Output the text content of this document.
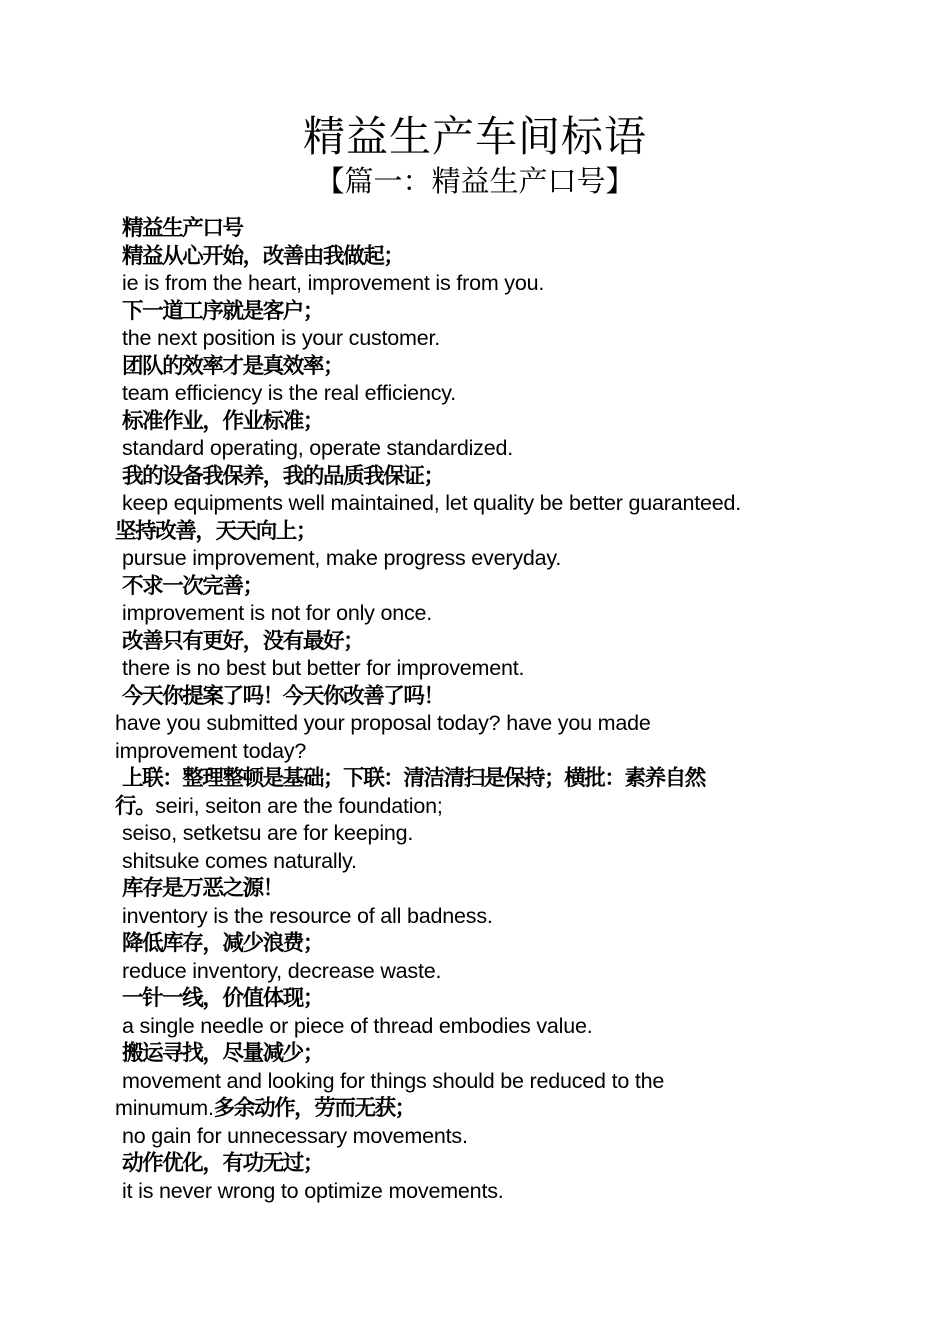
精益生产车间标语
【篇一：精益生产口号】
精益生产口号
精益从心开始，改善由我做起；
ie is from the heart, improvement is from you.
下一道工序就是客户；
the next position is your customer.
团队的效率才是真效率；
team efficiency is the real efficiency.
标准作业，作业标准；
standard operating, operate standardized.
我的设备我保养，我的品质我保证；
keep equipments well maintained, let quality be better guaranteed.
坚持改善，天天向上；
pursue improvement, make progress everyday.
不求一次完善；
improvement is not for only once.
改善只有更好，没有最好；
there is no best but better for improvement.
今天你提案了吗！今天你改善了吗！
have you submitted your proposal today? have you made
improvement today?
上联：整理整顿是基础；下联：清洁清扫是保持；横批：素养自然
行。seiri, seiton are the foundation;
seiso, setketsu are for keeping.
shitsuke comes naturally.
库存是万恶之源！
inventory is the resource of all badness.
降低库存，减少浪费；
reduce inventory, decrease waste.
一针一线，价值体现；
a single needle or piece of thread embodies value.
搬运寻找，尽量减少；
movement and looking for things should be reduced to the
minumum.多余动作，劳而无获；
no gain for unnecessary movements.
动作优化，有功无过；
it is never wrong to optimize movements.
